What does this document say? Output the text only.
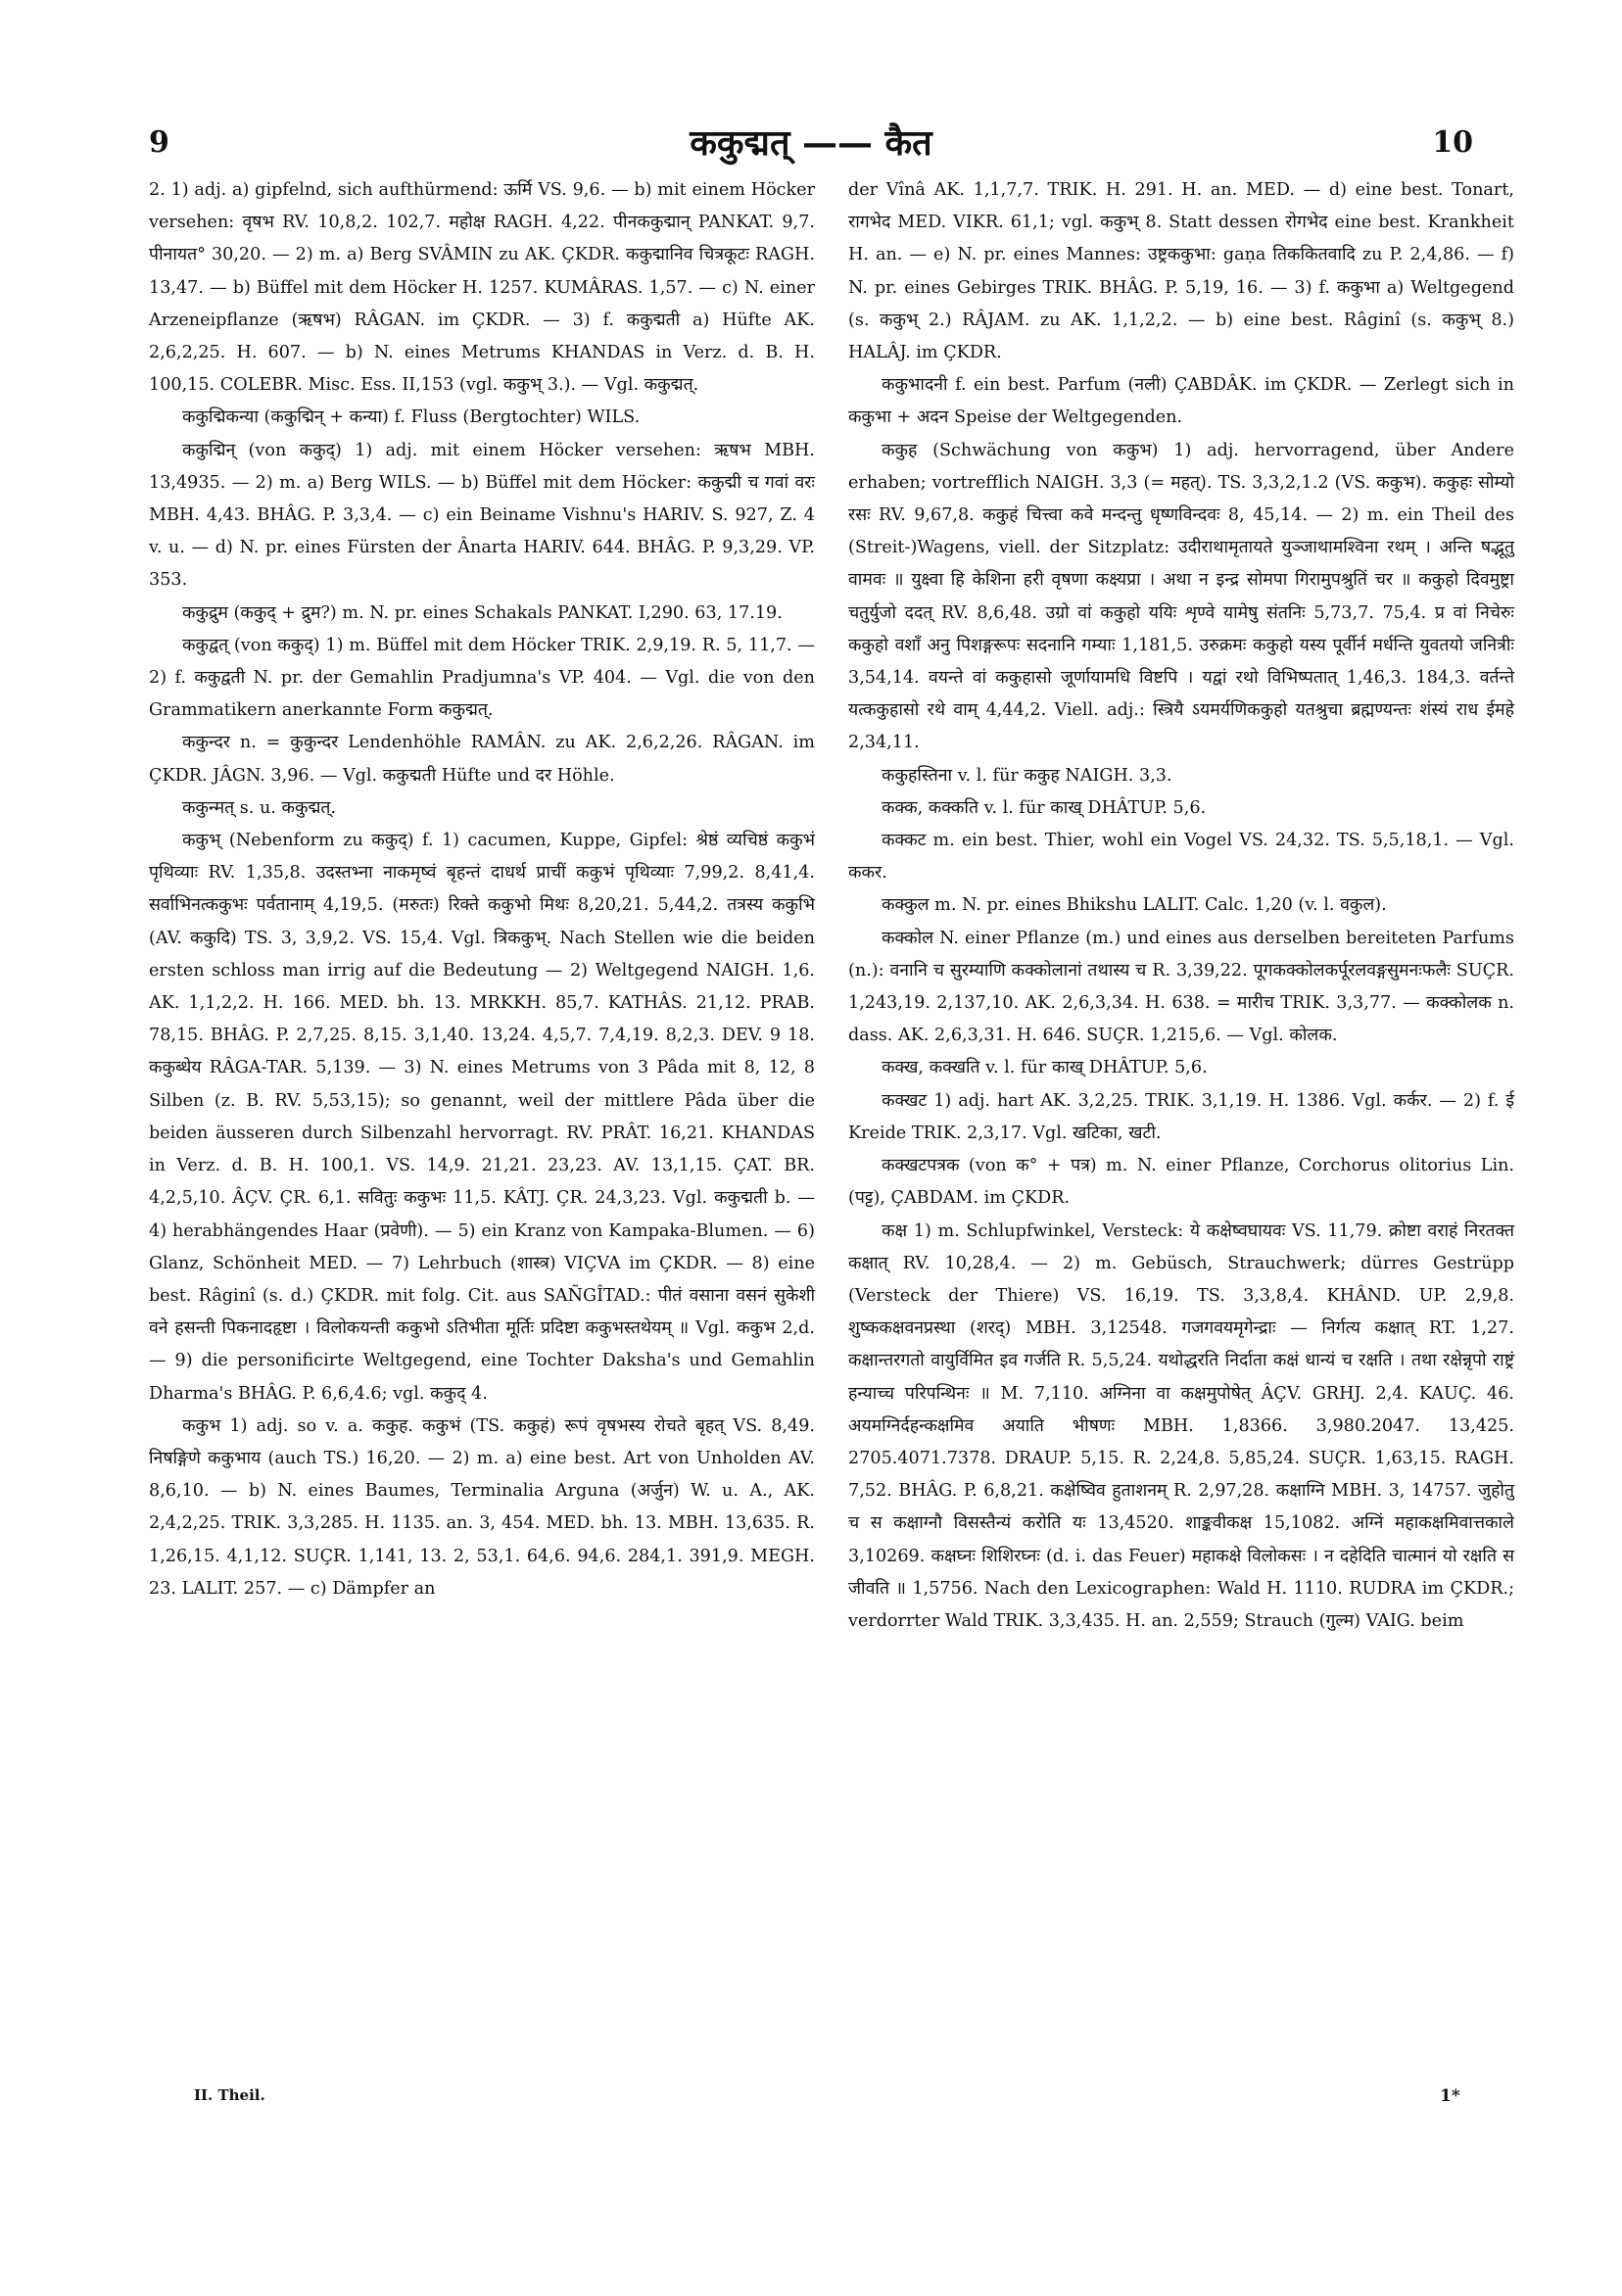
9	ककुद्मत् —— कैत	10

2. 1) adj. a) gipfelnd, sich aufthürmend: ऊर्मि VS. 9,6. — b) mit einem Höcker versehen: वृषभ RV. 10,8,2. 102,7. महोक्ष RAGH. 4,22. पीनककुद्मान् PANKAT. 9,7. पीनायत° 30,20. — 2) m. a) Berg SVÂMIN zu AK. ÇKDR. ककुद्मानिव चित्रकूटः RAGH. 13,47. — b) Büffel mit dem Höcker H. 1257. KUMÂRAS. 1,57. — c) N. einer Arzeneipflanze (ऋषभ) RÂGAN. im ÇKDR. — 3) f. ककुद्मती a) Hüfte AK. 2,6,2,25. H. 607. — b) N. eines Metrums KHANDAS in Verz. d. B. H. 100,15. COLEBR. Misc. Ess. II,153 (vgl. ककुभ् 3.). — Vgl. ककुद्मत्.

ककुद्मिकन्या (ककुद्मिन् + कन्या) f. Fluss (Bergtochter) WILS.

ककुद्मिन् (von ककुद्) 1) adj. mit einem Höcker versehen: ऋषभ MBH. 13,4935. — 2) m. a) Berg WILS. — b) Büffel mit dem Höcker: ककुद्मी च गवां वरः MBH. 4,43. BHÂG. P. 3,3,4. — c) ein Beiname Vishnu's HARIV. S. 927, Z. 4 v. u. — d) N. pr. eines Fürsten der Ânarta HARIV. 644. BHÂG. P. 9,3,29. VP. 353.

ककुद्रुम (ककुद् + द्रुम?) m. N. pr. eines Schakals PANKAT. I,290. 63, 17.19.

ककुद्वत् (von ककुद्) 1) m. Büffel mit dem Höcker TRIK. 2,9,19. R. 5, 11,7. — 2) f. ककुद्वती N. pr. der Gemahlin Pradjumna's VP. 404. — Vgl. die von den Grammatikern anerkannte Form ककुद्मत्.

ककुन्दर n. = कुकुन्दर Lendenhöhle RAMÂN. zu AK. 2,6,2,26. RÂGAN. im ÇKDR. JÂGN. 3,96. — Vgl. ककुद्मती Hüfte und दर Höhle.

ककुन्मत् s. u. ककुद्मत्.

ककुभ् (Nebenform zu ककुद्) f. 1) cacumen, Kuppe, Gipfel: श्रेष्ठं व्यचिष्ठं ककुभं पृथिव्याः RV. 1,35,8. उदस्तभ्ना नाकमृष्वं बृहन्तं दाधर्थ प्राचीं ककुभं पृथिव्याः 7,99,2. 8,41,4. सर्वाभिनत्ककुभः पर्वतानाम् 4,19,5. (मरुतः) रिक्ते ककुभो मिथः 8,20,21. 5,44,2. तत्रस्य ककुभि (AV. ककुदि) TS. 3, 3,9,2. VS. 15,4. Vgl. त्रिककुभ्. Nach Stellen wie die beiden ersten schloss man irrig auf die Bedeutung — 2) Weltgegend NAIGH. 1,6. AK. 1,1,2,2. H. 166. MED. bh. 13. MRKKH. 85,7. KATHÂS. 21,12. PRAB. 78,15. BHÂG. P. 2,7,25. 8,15. 3,1,40. 13,24. 4,5,7. 7,4,19. 8,2,3. DEV. 9 18. ककुब्धेय RÂGA-TAR. 5,139. — 3) N. eines Metrums von 3 Pâda mit 8, 12, 8 Silben (z. B. RV. 5,53,15); so genannt, weil der mittlere Pâda über die beiden äusseren durch Silbenzahl hervorragt. RV. PRÂT. 16,21. KHANDAS in Verz. d. B. H. 100,1. VS. 14,9. 21,21. 23,23. AV. 13,1,15. ÇAT. BR. 4,2,5,10. ÂÇV. ÇR. 6,1. सवितुः ककुभः 11,5. KÂTJ. ÇR. 24,3,23. Vgl. ककुद्मती b. — 4) herabhängendes Haar (प्रवेणी). — 5) ein Kranz von Kampaka-Blumen. — 6) Glanz, Schönheit MED. — 7) Lehrbuch (शास्त्र) VIÇVA im ÇKDR. — 8) eine best. Râginî (s. d.) ÇKDR. mit folg. Cit. aus SAÑGÎTAD.: पीतं वसाना वसनं सुकेशी वने हसन्ती पिकनादहृष्टा । विलोकयन्ती ककुभो ऽतिभीता मूर्तिः प्रदिष्टा ककुभस्तथेयम् ॥ Vgl. ककुभ 2,d. — 9) die personificirte Weltgegend, eine Tochter Daksha's und Gemahlin Dharma's BHÂG. P. 6,6,4.6; vgl. ककुद् 4.

ककुभ 1) adj. so v. a. ककुह. ककुभं (TS. ककुहं) रूपं वृषभस्य रोचते बृहत् VS. 8,49. निषङ्गिणे ककुभाय (auch TS.) 16,20. — 2) m. a) eine best. Art von Unholden AV. 8,6,10. — b) N. eines Baumes, Terminalia Arguna (अर्जुन) W. u. A., AK. 2,4,2,25. TRIK. 3,3,285. H. 1135. an. 3, 454. MED. bh. 13. MBH. 13,635. R. 1,26,15. 4,1,12. SUÇR. 1,141, 13. 2, 53,1. 64,6. 94,6. 284,1. 391,9. MEGH. 23. LALIT. 257. — c) Dämpfer an

der Vînâ AK. 1,1,7,7. TRIK. H. 291. H. an. MED. — d) eine best. Tonart, रागभेद MED. VIKR. 61,1; vgl. ककुभ् 8. Statt dessen रोगभेद eine best. Krankheit H. an. — e) N. pr. eines Mannes: उष्ट्रककुभा: gaṇa तिककितवादि zu P. 2,4,86. — f) N. pr. eines Gebirges TRIK. BHÂG. P. 5,19, 16. — 3) f. ककुभा a) Weltgegend (s. ककुभ् 2.) RÂJAM. zu AK. 1,1,2,2. — b) eine best. Râginî (s. ककुभ् 8.) HALÂJ. im ÇKDR.

ककुभादनी f. ein best. Parfum (नली) ÇABDÂK. im ÇKDR. — Zerlegt sich in ककुभा + अदन Speise der Weltgegenden.

ककुह (Schwächung von ककुभ) 1) adj. hervorragend, über Andere erhaben; vortrefflich NAIGH. 3,3 (= महत्). TS. 3,3,2,1.2 (VS. ककुभ). ककुहः सोम्यो रसः RV. 9,67,8. ककुहं चित्त्वा कवे मन्दन्तु धृष्णविन्दवः 8, 45,14. — 2) m. ein Theil des (Streit-)Wagens, viell. der Sitzplatz: उदीराथामृतायते युञ्जाथामश्विना रथम् । अन्ति षद्भूतु वामवः ॥ युक्ष्वा हि केशिना हरी वृषणा कक्ष्यप्रा । अथा न इन्द्र सोमपा गिरामुपश्रुतिं चर ॥ ककुहो दिवमुष्ट्रा चतुर्युजो ददत् RV. 8,6,48. उग्रो वां ककुहो ययिः शृण्वे यामेषु संतनिः 5,73,7. 75,4. प्र वां निचेरुः ककुहो वशाँ अनु पिशङ्गरूपः सदनानि गम्याः 1,181,5. उरुक्रमः ककुहो यस्य पूर्वीर्न मर्धन्ति युवतयो जनित्रीः 3,54,14. वयन्ते वां ककुहासो जूर्णायामधि विष्टपि । यद्वां रथो विभिष्पतात् 1,46,3. 184,3. वर्तन्ते यत्ककुहासो रथे वाम् 4,44,2. Viell. adj.: स्त्रियै ऽयमर्यणिककुहो यतश्रुचा ब्रह्मण्यन्तः शंस्यं राध ईमहे 2,34,11.

ककुहस्तिना v. l. für ककुह NAIGH. 3,3.

कक्क, कक्कति v. l. für काख् DHÂTUP. 5,6.

कक्कट m. ein best. Thier, wohl ein Vogel VS. 24,32. TS. 5,5,18,1. — Vgl. ककर.

कक्कुल m. N. pr. eines Bhikshu LALIT. Calc. 1,20 (v. l. वकुल).

कक्कोल N. einer Pflanze (m.) und eines aus derselben bereiteten Parfums (n.): वनानि च सुरम्याणि कक्कोलानां तथास्य च R. 3,39,22. पूगकक्कोलकर्पूरलवङ्गसुमनःफलैः SUÇR. 1,243,19. 2,137,10. AK. 2,6,3,34. H. 638. = मारीच TRIK. 3,3,77. — कक्कोलक n. dass. AK. 2,6,3,31. H. 646. SUÇR. 1,215,6. — Vgl. कोलक.

कक्ख, कक्खति v. l. für काख् DHÂTUP. 5,6.

कक्खट 1) adj. hart AK. 3,2,25. TRIK. 3,1,19. H. 1386. Vgl. कर्कर. — 2) f. ई Kreide TRIK. 2,3,17. Vgl. खटिका, खटी.

कक्खटपत्रक (von क° + पत्र) m. N. einer Pflanze, Corchorus olitorius Lin. (पट्ट), ÇABDAM. im ÇKDR.

कक्ष 1) m. Schlupfwinkel, Versteck: ये कक्षेष्वघायवः VS. 11,79. क्रोष्टा वराहं निरतक्त कक्षात् RV. 10,28,4. — 2) m. Gebüsch, Strauchwerk; dürres Gestrüpp (Versteck der Thiere) VS. 16,19. TS. 3,3,8,4. KHÂND. UP. 2,9,8. शुष्ककक्षवनप्रस्था (शरद्) MBH. 3,12548. गजगवयमृगेन्द्राः — निर्गत्य कक्षात् RT. 1,27. कक्षान्तरगतो वायुर्विमित इव गर्जति R. 5,5,24. यथोद्धरति निर्दाता कक्षं धान्यं च रक्षति । तथा रक्षेन्नृपो राष्ट्रं हन्याच्च परिपन्थिनः ॥ M. 7,110. अग्निना वा कक्षमुपोषेत् ÂÇV. GRHJ. 2,4. KAUÇ. 46. अयमग्निर्दहन्कक्षमिव अयाति भीषणः MBH. 1,8366. 3,980.2047. 13,425. 2705.4071.7378. DRAUP. 5,15. R. 2,24,8. 5,85,24. SUÇR. 1,63,15. RAGH. 7,52. BHÂG. P. 6,8,21. कक्षेष्विव हुताशनम् R. 2,97,28. कक्षाग्नि MBH. 3, 14757. जुहोतु च स कक्षाग्नौ विसस्तैन्यं करोति यः 13,4520. शाङ्कवीकक्ष 15,1082. अग्निं महाकक्षमिवात्तकाले 3,10269. कक्षघ्नः शिशिरघ्नः (d. i. das Feuer) महाकक्षे विलोकसः । न दहेदिति चात्मानं यो रक्षति स जीवति ॥ 1,5756. Nach den Lexicographen: Wald H. 1110. RUDRA im ÇKDR.; verdorrter Wald TRIK. 3,3,435. H. an. 2,559; Strauch (गुल्म) VAIG. beim

II. Theil.	1*
